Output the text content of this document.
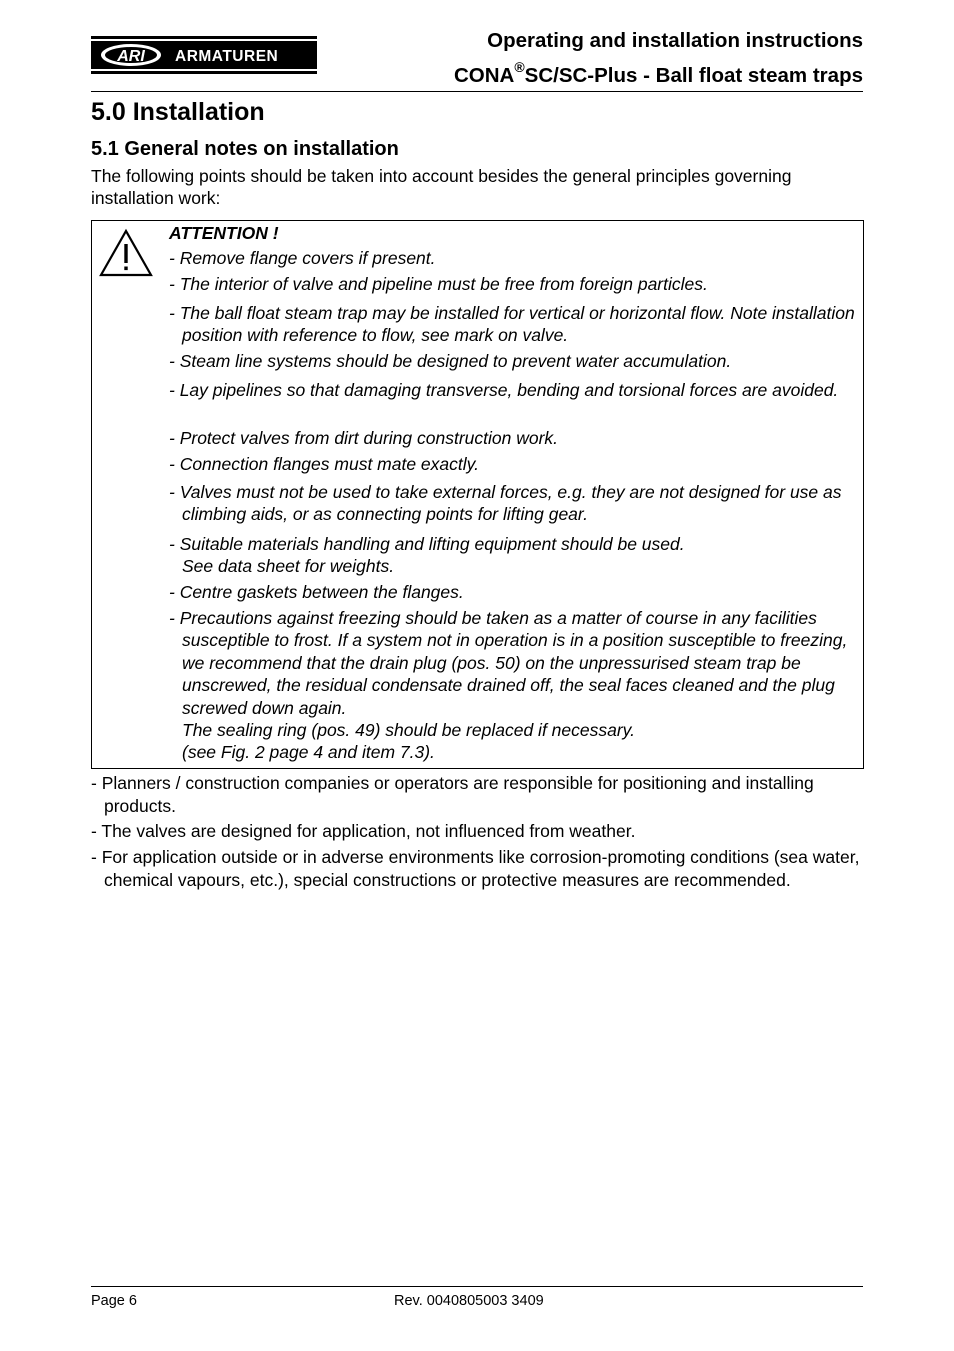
ARI ARMATUREN
Operating and installation instructions
CONA®SC/SC-Plus - Ball float steam traps
5.0 Installation
5.1 General notes on installation

The following points should be taken into account besides the general principles governing installation work:

ATTENTION !
- Remove flange covers if present.
- The interior of valve and pipeline must be free from foreign particles.
- The ball float steam trap may be installed for vertical or horizontal flow. Note installation position with reference to flow, see mark on valve.
- Steam line systems should be designed to prevent water accumulation.
- Lay pipelines so that damaging transverse, bending and torsional forces are avoided.
- Protect valves from dirt during construction work.
- Connection flanges must mate exactly.
- Valves must not be used to take external forces, e.g. they are not designed for use as climbing aids, or as connecting points for lifting gear.
- Suitable materials handling and lifting equipment should be used.
See data sheet for weights.
- Centre gaskets between the flanges.
- Precautions against freezing should be taken as a matter of course in any facilities susceptible to frost. If a system not in operation is in a position susceptible to freezing, we recommend that the drain plug (pos. 50) on the unpressurised steam trap be unscrewed, the residual condensate drained off, the seal faces cleaned and the plug screwed down again.
The sealing ring (pos. 49) should be replaced if necessary.
(see Fig. 2 page 4 and item 7.3).
- Planners / construction companies or operators are responsible for positioning and installing products.
- The valves are designed for application, not influenced from weather.
- For application outside or in adverse environments like corrosion-promoting conditions (sea water, chemical vapours, etc.), special constructions or protective measures are recommended.
Page 6	Rev. 0040805003 3409
